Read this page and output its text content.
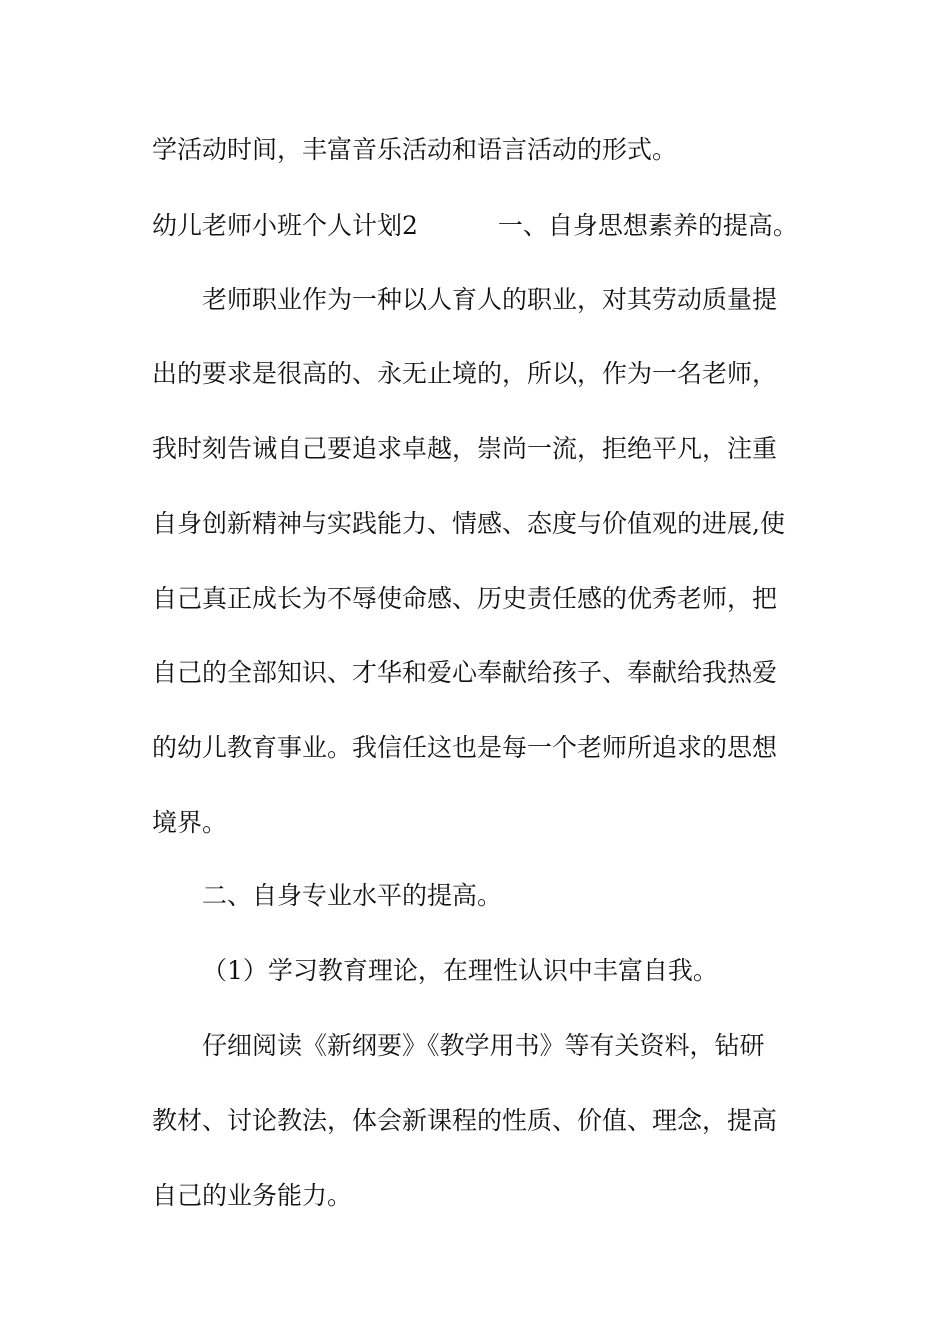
学活动时间，丰富音乐活动和语言活动的形式。

幼儿老师小班个人计划2	一、自身思想素养的提高。

老师职业作为一种以人育人的职业，对其劳动质量提

出的要求是很高的、永无止境的，所以，作为一名老师，

我时刻告诫自己要追求卓越，崇尚一流，拒绝平凡，注重

自身创新精神与实践能力、情感、态度与价值观的进展,使

自己真正成长为不辱使命感、历史责任感的优秀老师，把

自己的全部知识、才华和爱心奉献给孩子、奉献给我热爱

的幼儿教育事业。我信任这也是每一个老师所追求的思想

境界。

二、自身专业水平的提高。

（1）学习教育理论，在理性认识中丰富自我。

仔细阅读《新纲要》《教学用书》等有关资料，钻研

教材、讨论教法，体会新课程的性质、价值、理念，提高

自己的业务能力。
